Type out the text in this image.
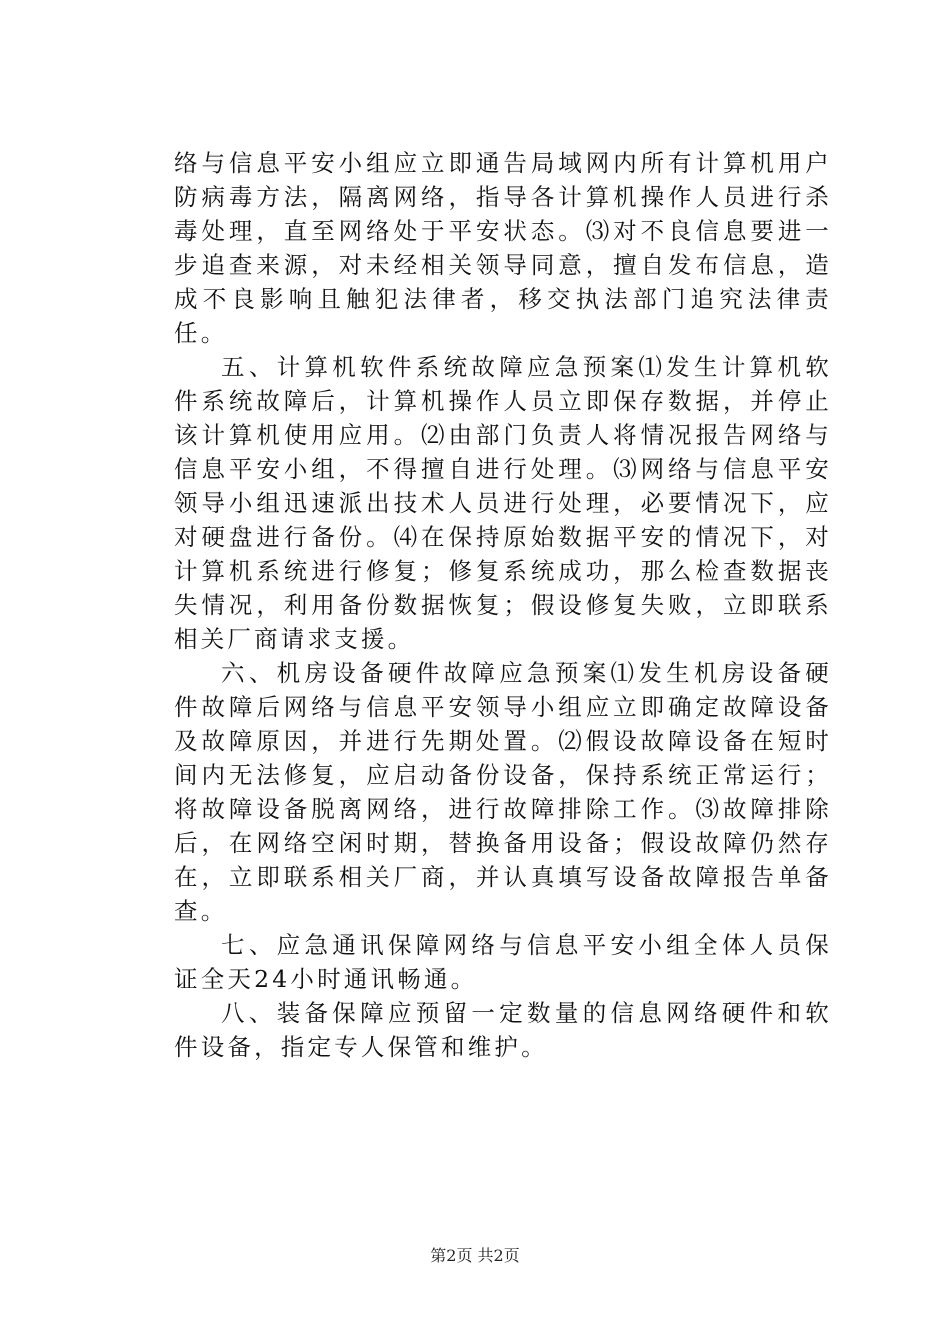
络与信息平安小组应立即通告局域网内所有计算机用户防病毒方法，隔离网络，指导各计算机操作人员进行杀毒处理，直至网络处于平安状态。⑶对不良信息要进一步追查来源，对未经相关领导同意，擅自发布信息，造成不良影响且触犯法律者，移交执法部门追究法律责任。

五、计算机软件系统故障应急预案⑴发生计算机软件系统故障后，计算机操作人员立即保存数据，并停止该计算机使用应用。⑵由部门负责人将情况报告网络与信息平安小组，不得擅自进行处理。⑶网络与信息平安领导小组迅速派出技术人员进行处理，必要情况下，应对硬盘进行备份。⑷在保持原始数据平安的情况下，对计算机系统进行修复；修复系统成功，那么检查数据丧失情况，利用备份数据恢复；假设修复失败，立即联系相关厂商请求支援。

六、机房设备硬件故障应急预案⑴发生机房设备硬件故障后网络与信息平安领导小组应立即确定故障设备及故障原因，并进行先期处置。⑵假设故障设备在短时间内无法修复，应启动备份设备，保持系统正常运行；将故障设备脱离网络，进行故障排除工作。⑶故障排除后，在网络空闲时期，替换备用设备；假设故障仍然存在，立即联系相关厂商，并认真填写设备故障报告单备查。

七、应急通讯保障网络与信息平安小组全体人员保证全天24小时通讯畅通。

八、装备保障应预留一定数量的信息网络硬件和软件设备，指定专人保管和维护。

第2页 共2页
